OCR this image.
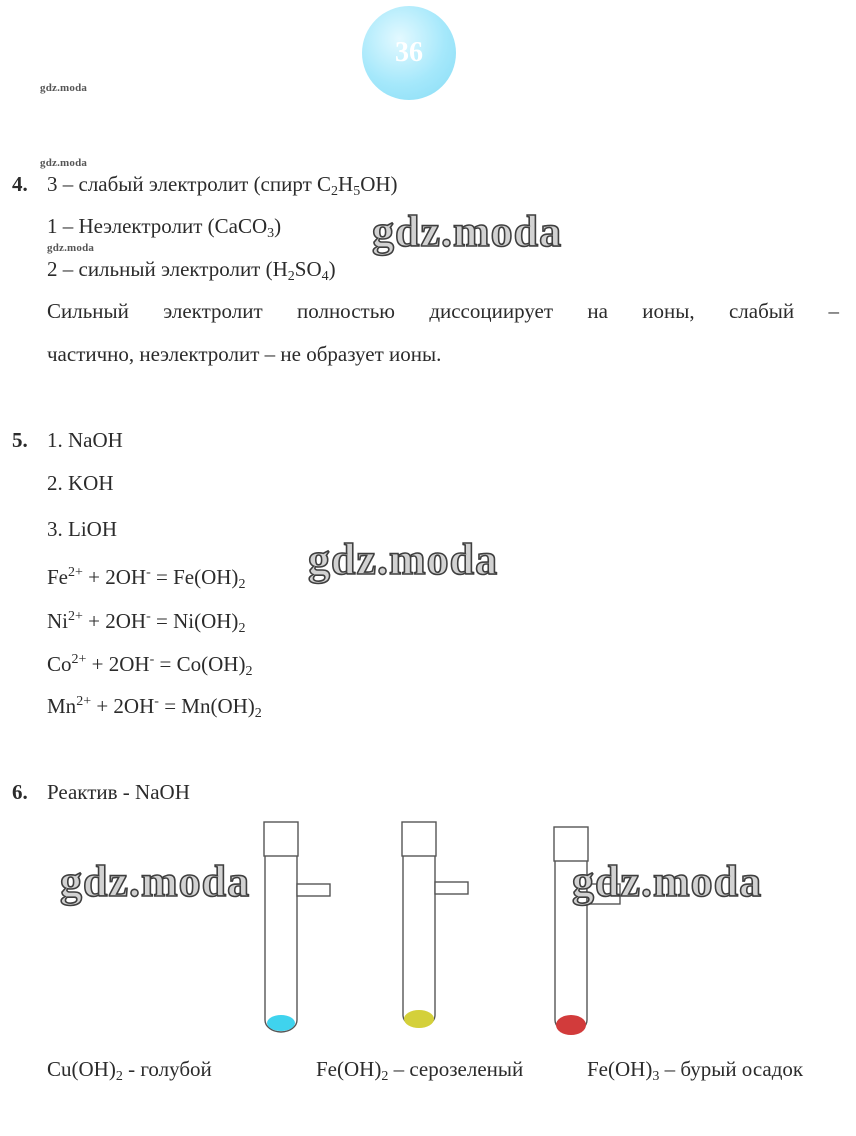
36
gdz.moda
gdz.moda
gdz.moda
4. 3 – слабый электролит (спирт $C_2H_5OH$)
1 – Неэлектролит (CaCO$_3$)
2 – сильный электролит $(H_2SO_4)$
Сильный электролит полностью диссоциирует на ионы, слабый –
частично, неэлектролит – не образует ионы.
gdz.moda
5. 1. NaOH
2. KOH
3. LiOH
$Fe^{2+} + 2OH^- = Fe(OH)_2$
$Ni^{2+} + 2OH^- = Ni(OH)_2$
$Co^{2+} + 2OH^- = Co(OH)_2$
$Mn^{2+} + 2OH^- = Mn(OH)_2$
gdz.moda
6. Реактив - NaOH
gdz.moda	gdz.moda
$Cu(OH)_2$ - голубой	$Fe(OH)_2$ – серозеленый	$Fe(OH)_3$ – бурый осадок
